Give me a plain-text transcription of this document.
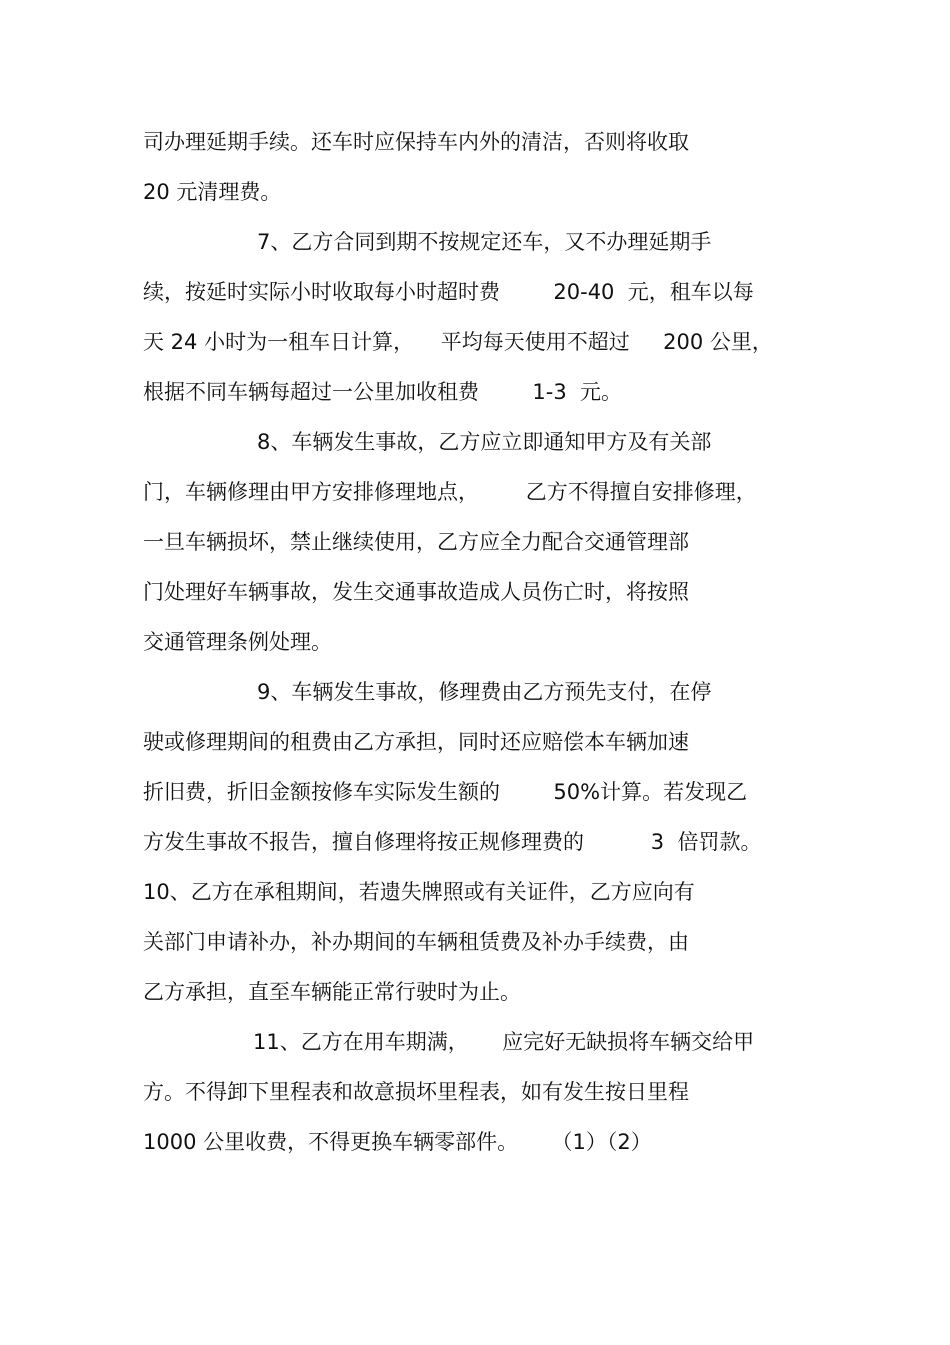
司办理延期手续。还车时应保持车内外的清洁，否则将收取

20 元清理费。

7、乙方合同到期不按规定还车，又不办理延期手

续，按延时实际小时收取每小时超时费        20-40  元，租车以每

天 24 小时为一租车日计算，    平均每天使用不超过     200 公里，

根据不同车辆每超过一公里加收租费        1-3  元。

8、车辆发生事故，乙方应立即通知甲方及有关部

门，车辆修理由甲方安排修理地点，       乙方不得擅自安排修理，

一旦车辆损坏，禁止继续使用，乙方应全力配合交通管理部

门处理好车辆事故，发生交通事故造成人员伤亡时，将按照

交通管理条例处理。

9、车辆发生事故，修理费由乙方预先支付，在停

驶或修理期间的租费由乙方承担，同时还应赔偿本车辆加速

折旧费，折旧金额按修车实际发生额的        50%计算。若发现乙

方发生事故不报告，擅自修理将按正规修理费的          3  倍罚款。

10、乙方在承租期间，若遗失牌照或有关证件，乙方应向有

关部门申请补办，补办期间的车辆租赁费及补办手续费，由

乙方承担，直至车辆能正常行驶时为止。

11、乙方在用车期满，     应完好无缺损将车辆交给甲

方。不得卸下里程表和故意损坏里程表，如有发生按日里程

1000 公里收费，不得更换车辆零部件。     （1）（2）
